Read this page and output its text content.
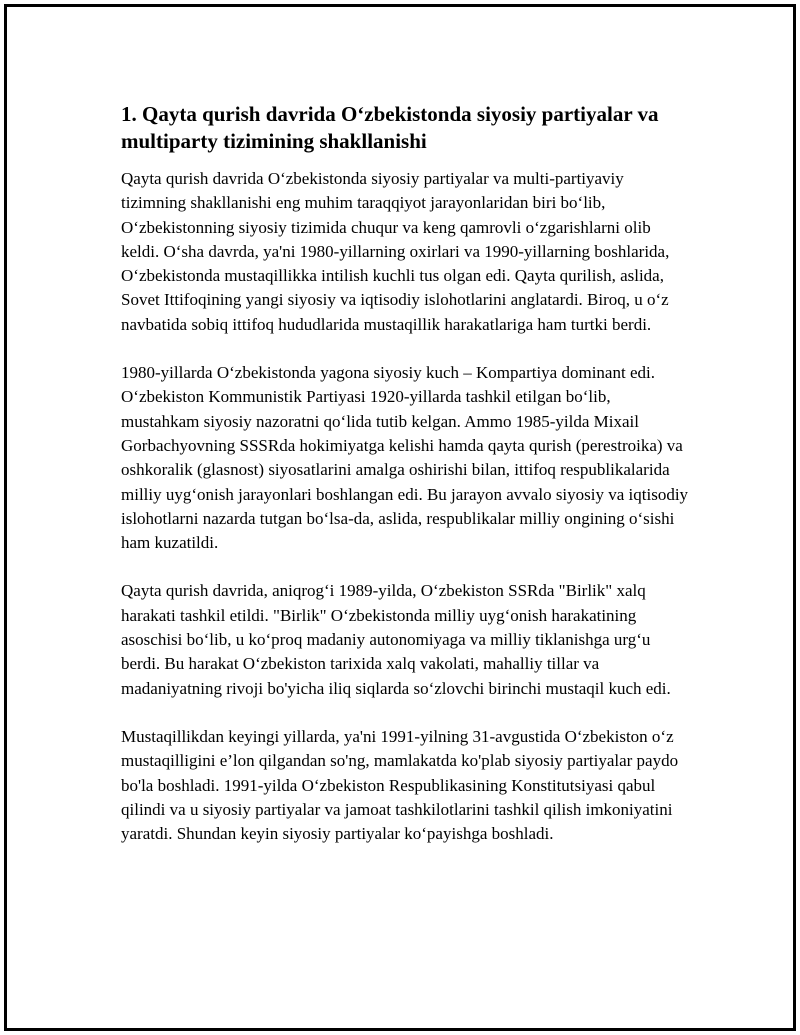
1. Qayta qurish davrida O‘zbekistonda siyosiy partiyalar va multiparty tizimining shakllanishi

Qayta qurish davrida O‘zbekistonda siyosiy partiyalar va multi-partiyaviy tizimning shakllanishi eng muhim taraqqiyot jarayonlaridan biri bo‘lib, O‘zbekistonning siyosiy tizimida chuqur va keng qamrovli o‘zgarishlarni olib keldi. O‘sha davrda, ya'ni 1980-yillarning oxirlari va 1990-yillarning boshlarida, O‘zbekistonda mustaqillikka intilish kuchli tus olgan edi. Qayta qurilish, aslida, Sovet Ittifoqining yangi siyosiy va iqtisodiy islohotlarini anglatardi. Biroq, u o‘z navbatida sobiq ittifoq hududlarida mustaqillik harakatlariga ham turtki berdi.

1980-yillarda O‘zbekistonda yagona siyosiy kuch – Kompartiya dominant edi. O‘zbekiston Kommunistik Partiyasi 1920-yillarda tashkil etilgan bo‘lib, mustahkam siyosiy nazoratni qo‘lida tutib kelgan. Ammo 1985-yilda Mixail Gorbachyovning SSSRda hokimiyatga kelishi hamda qayta qurish (perestroika) va oshkoralik (glasnost) siyosatlarini amalga oshirishi bilan, ittifoq respublikalarida milliy uyg‘onish jarayonlari boshlangan edi. Bu jarayon avvalo siyosiy va iqtisodiy islohotlarni nazarda tutgan bo‘lsa-da, aslida, respublikalar milliy ongining o‘sishi ham kuzatildi.

Qayta qurish davrida, aniqrog‘i 1989-yilda, O‘zbekiston SSRda "Birlik" xalq harakati tashkil etildi. "Birlik" O‘zbekistonda milliy uyg‘onish harakatining asoschisi bo‘lib, u ko‘proq madaniy autonomiyaga va milliy tiklanishga urg‘u berdi. Bu harakat O‘zbekiston tarixida xalq vakolati, mahalliy tillar va madaniyatning rivoji bo'yicha iliq siqlarda so‘zlovchi birinchi mustaqil kuch edi.

Mustaqillikdan keyingi yillarda, ya'ni 1991-yilning 31-avgustida O‘zbekiston o‘z mustaqilligini e’lon qilgandan so'ng, mamlakatda ko'plab siyosiy partiyalar paydo bo'la boshladi. 1991-yilda O‘zbekiston Respublikasining Konstitutsiyasi qabul qilindi va u siyosiy partiyalar va jamoat tashkilotlarini tashkil qilish imkoniyatini yaratdi. Shundan keyin siyosiy partiyalar ko‘payishga boshladi.
